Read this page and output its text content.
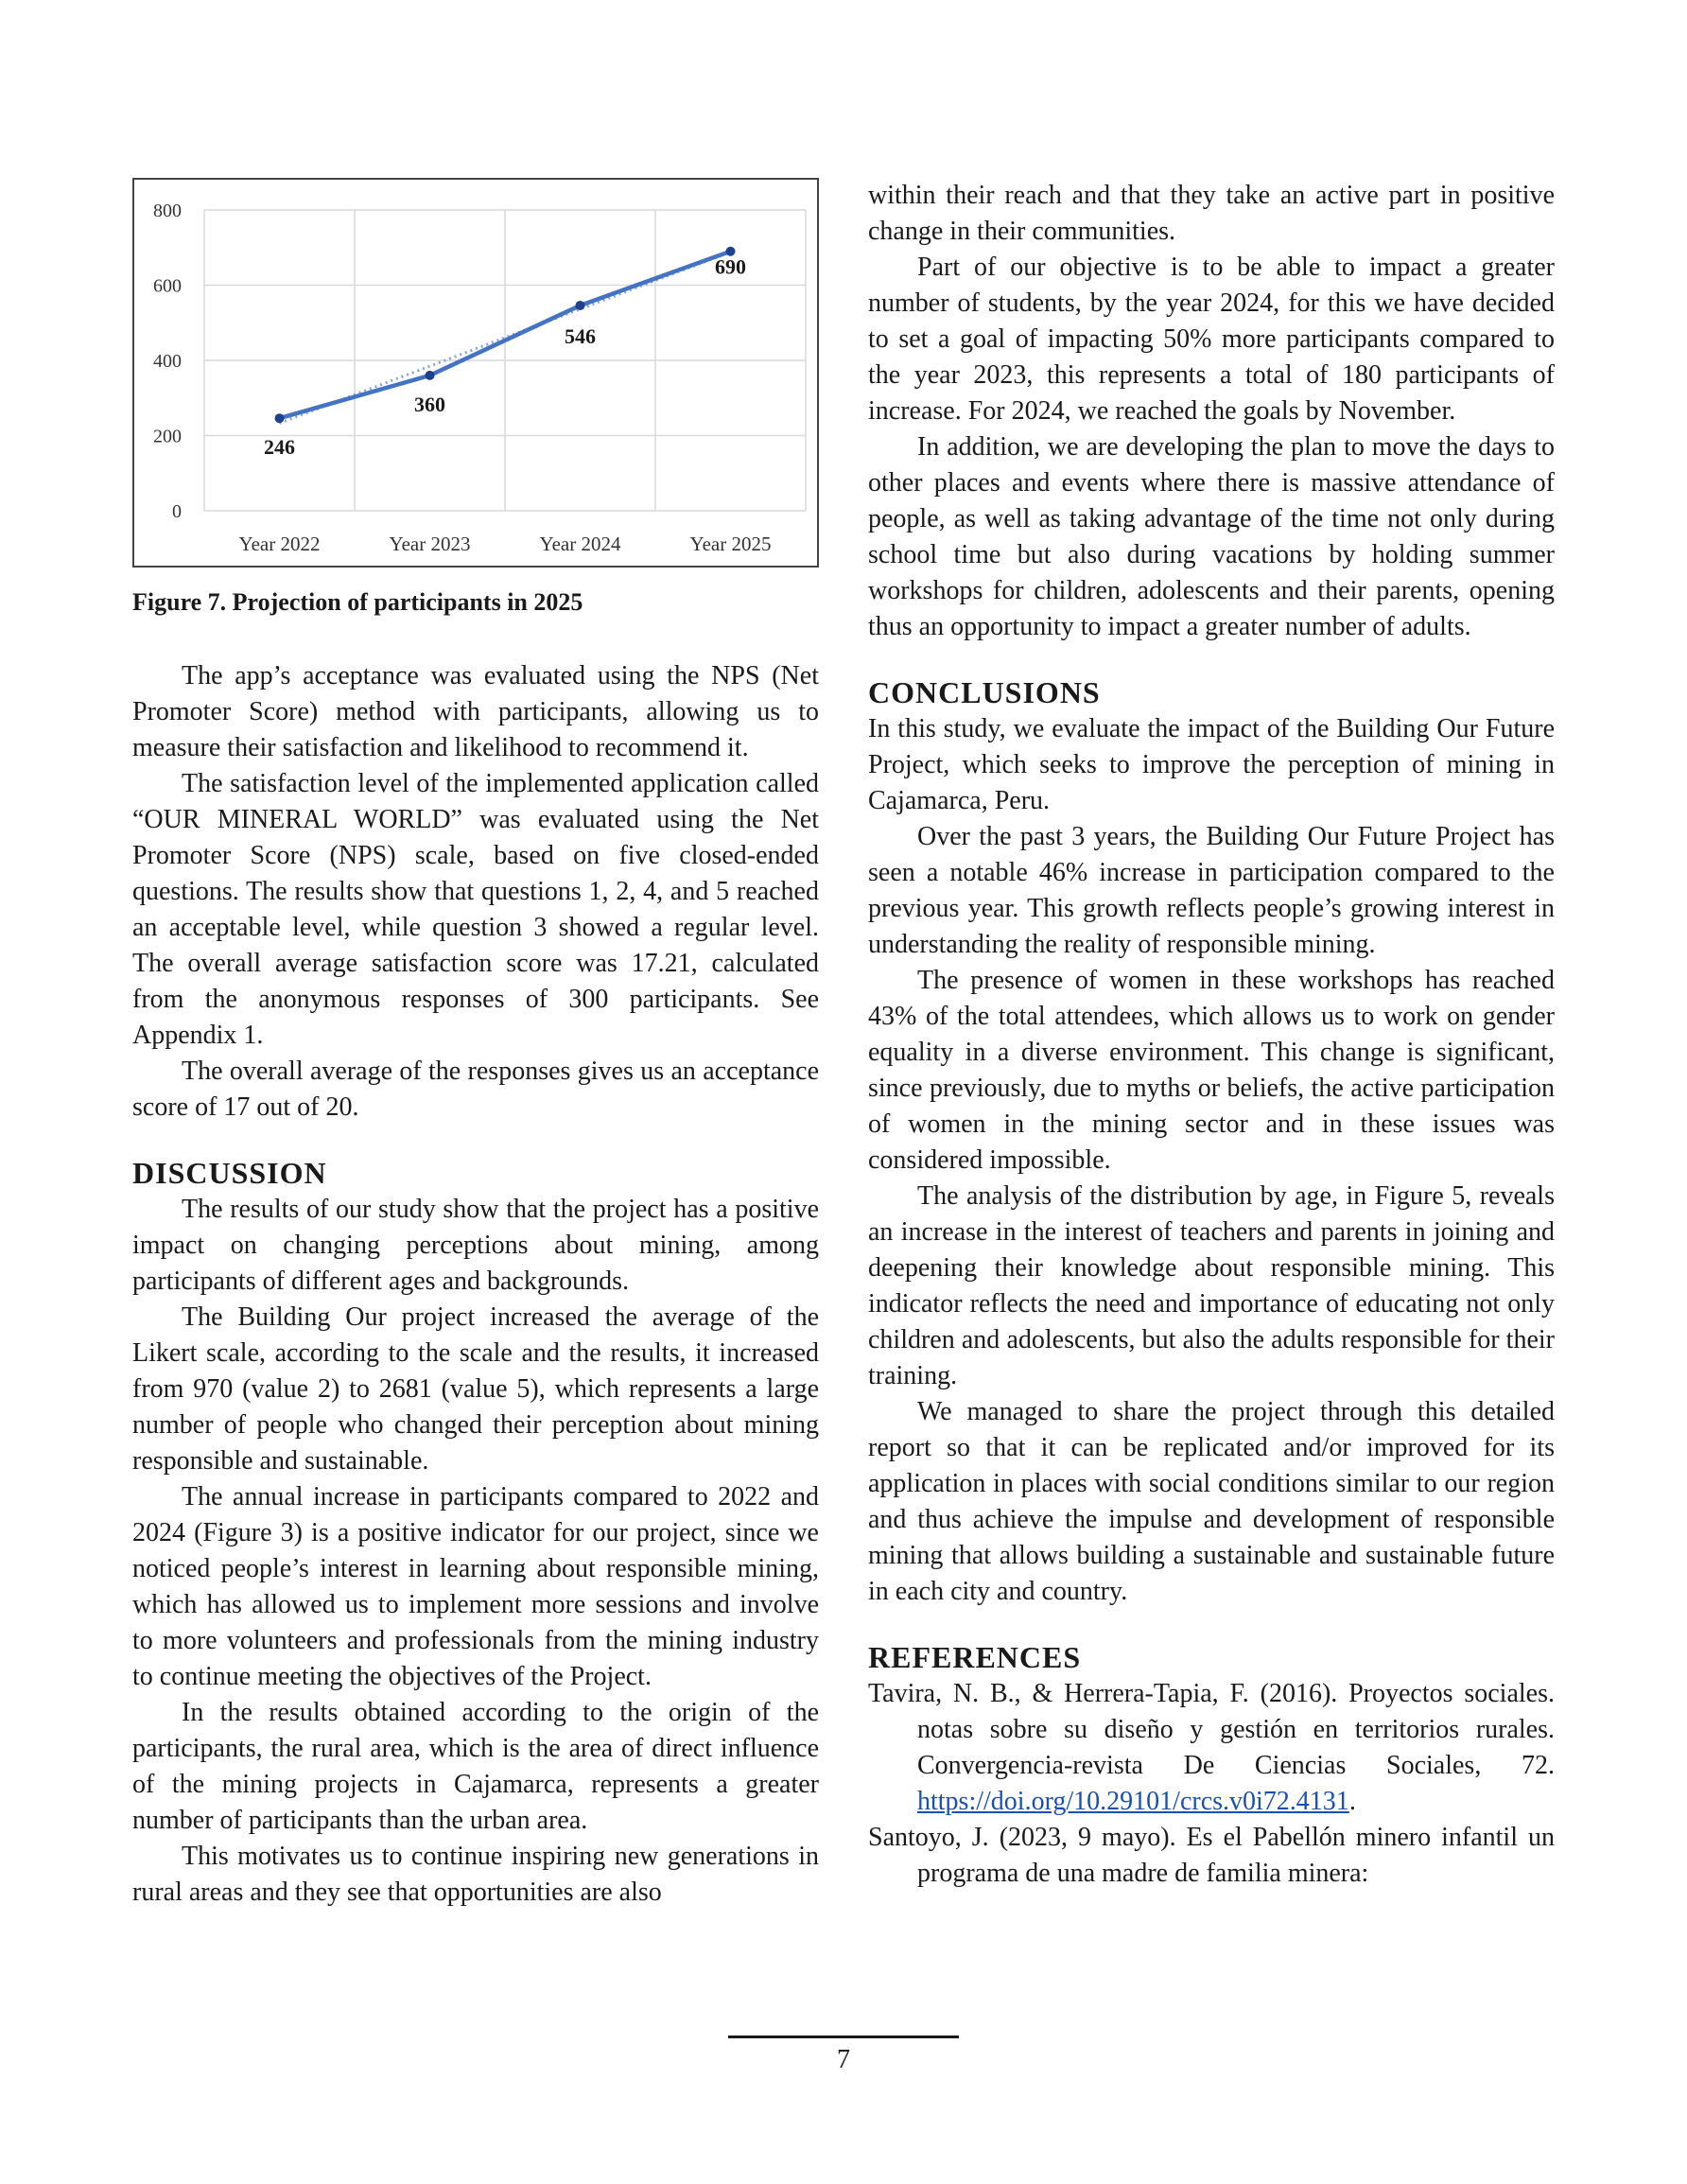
0
200
400
600
800
Year 2022	Year 2023	Year 2024	Year 2025
246
360
546
690

Figure 7. Projection of participants in 2025

The app’s acceptance was evaluated using the NPS (Net Promoter Score) method with participants, allowing us to measure their satisfaction and likelihood to recommend it.

The satisfaction level of the implemented application called “OUR MINERAL WORLD” was evaluated using the Net Promoter Score (NPS) scale, based on five closed-ended questions. The results show that questions 1, 2, 4, and 5 reached an acceptable level, while question 3 showed a regular level. The overall average satisfaction score was 17.21, calculated from the anonymous responses of 300 participants. See Appendix 1.

The overall average of the responses gives us an acceptance score of 17 out of 20.

DISCUSSION

The results of our study show that the project has a positive impact on changing perceptions about mining, among participants of different ages and backgrounds.

The Building Our project increased the average of the Likert scale, according to the scale and the results, it increased from 970 (value 2) to 2681 (value 5), which represents a large number of people who changed their perception about mining responsible and sustainable.

The annual increase in participants compared to 2022 and 2024 (Figure 3) is a positive indicator for our project, since we noticed people’s interest in learning about responsible mining, which has allowed us to implement more sessions and involve to more volunteers and professionals from the mining industry to continue meeting the objectives of the Project.

In the results obtained according to the origin of the participants, the rural area, which is the area of direct influence of the mining projects in Cajamarca, represents a greater number of participants than the urban area.

This motivates us to continue inspiring new generations in rural areas and they see that opportunities are also

within their reach and that they take an active part in positive change in their communities.

Part of our objective is to be able to impact a greater number of students, by the year 2024, for this we have decided to set a goal of impacting 50% more participants compared to the year 2023, this represents a total of 180 participants of increase. For 2024, we reached the goals by November.

In addition, we are developing the plan to move the days to other places and events where there is massive attendance of people, as well as taking advantage of the time not only during school time but also during vacations by holding summer workshops for children, adolescents and their parents, opening thus an opportunity to impact a greater number of adults.

CONCLUSIONS

In this study, we evaluate the impact of the Building Our Future Project, which seeks to improve the perception of mining in Cajamarca, Peru.

Over the past 3 years, the Building Our Future Project has seen a notable 46% increase in participation compared to the previous year. This growth reflects people’s growing interest in understanding the reality of responsible mining.

The presence of women in these workshops has reached 43% of the total attendees, which allows us to work on gender equality in a diverse environment. This change is significant, since previously, due to myths or beliefs, the active participation of women in the mining sector and in these issues was considered impossible.

The analysis of the distribution by age, in Figure 5, reveals an increase in the interest of teachers and parents in joining and deepening their knowledge about responsible mining. This indicator reflects the need and importance of educating not only children and adolescents, but also the adults responsible for their training.

We managed to share the project through this detailed report so that it can be replicated and/or improved for its application in places with social conditions similar to our region and thus achieve the impulse and development of responsible mining that allows building a sustainable and sustainable future in each city and country.

REFERENCES

Tavira, N. B., & Herrera-Tapia, F. (2016). Proyectos sociales. notas sobre su diseño y gestión en territorios rurales. Convergencia-revista De Ciencias Sociales, 72. https://doi.org/10.29101/crcs.v0i72.4131.

Santoyo, J. (2023, 9 mayo). Es el Pabellón minero infantil un programa de una madre de familia minera:

7
